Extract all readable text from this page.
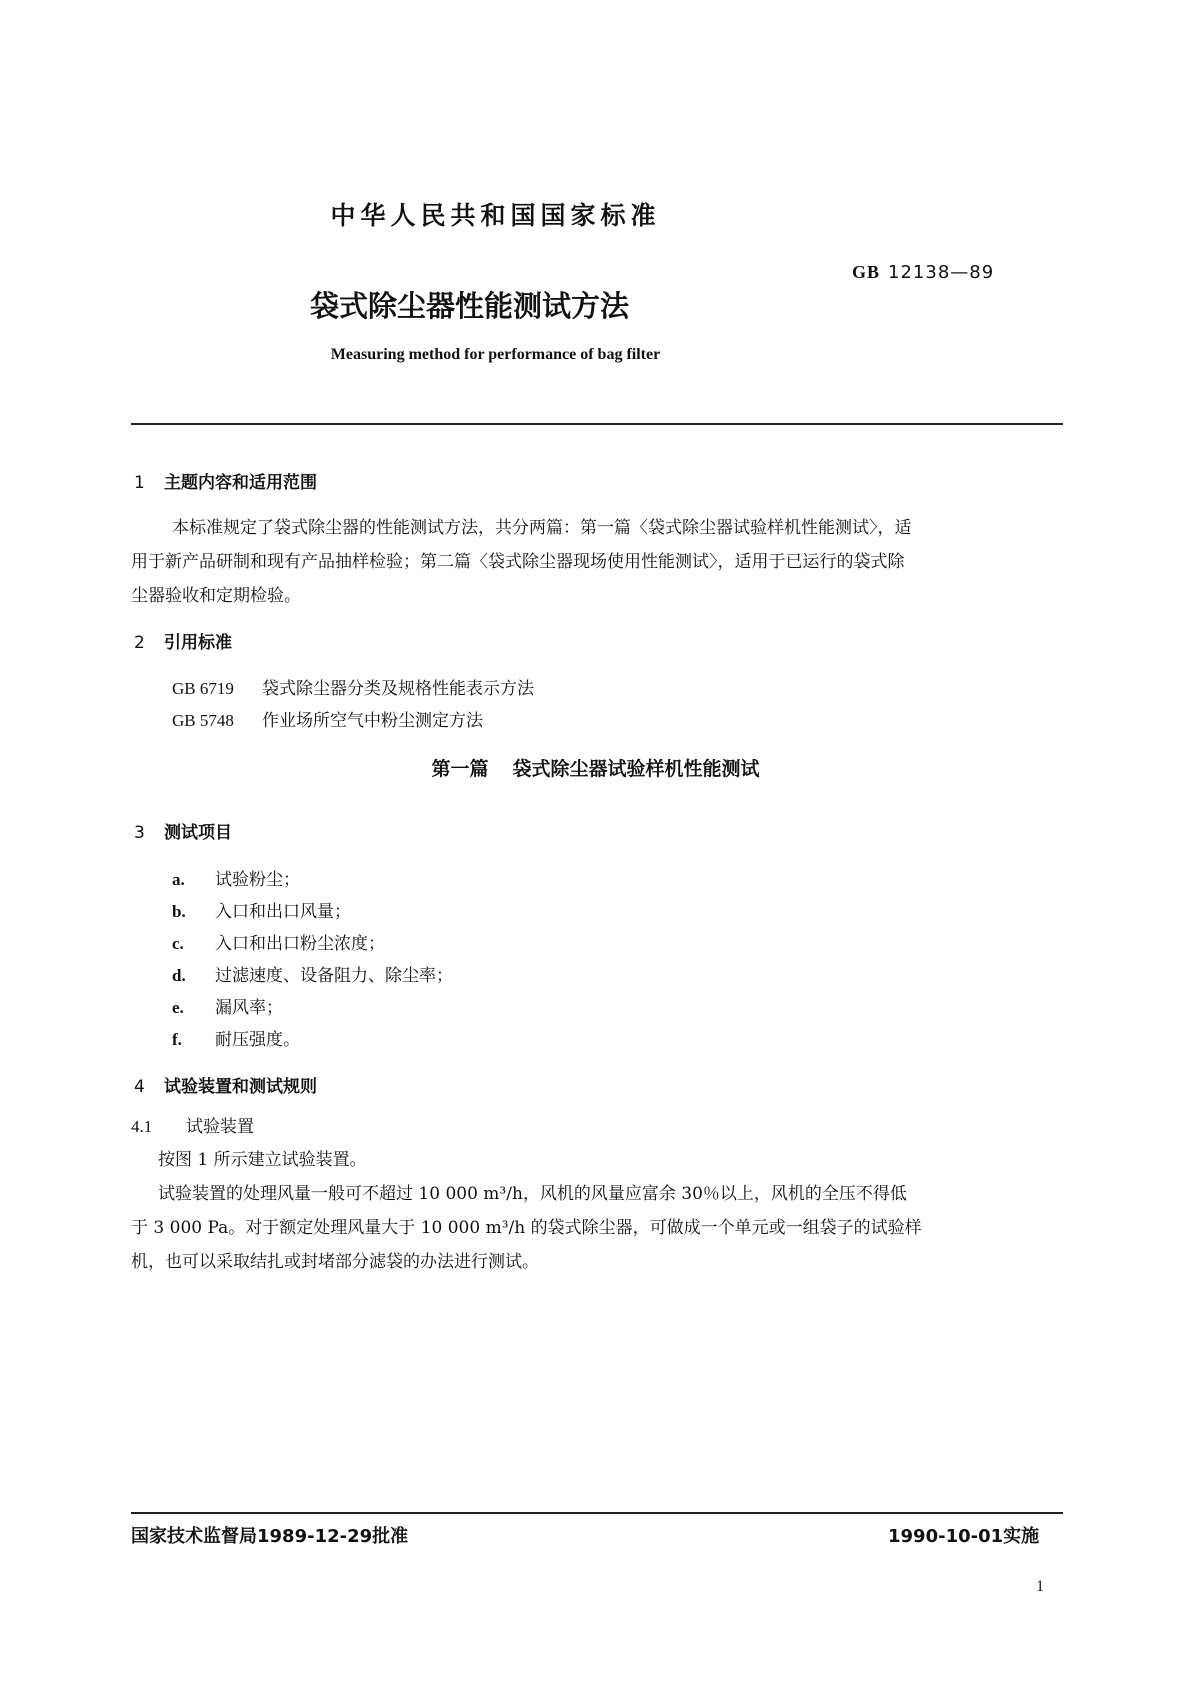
中华人民共和国国家标准
GB 12138—89
袋式除尘器性能测试方法
Measuring method for performance of bag filter
1 主题内容和适用范围
本标准规定了袋式除尘器的性能测试方法，共分两篇：第一篇〈袋式除尘器试验样机性能测试〉，适
用于新产品研制和现有产品抽样检验；第二篇〈袋式除尘器现场使用性能测试〉，适用于已运行的袋式除
尘器验收和定期检验。
2 引用标准
GB 6719 袋式除尘器分类及规格性能表示方法
GB 5748 作业场所空气中粉尘测定方法
第一篇 袋式除尘器试验样机性能测试
3 测试项目
a. 试验粉尘；
b. 入口和出口风量；
c. 入口和出口粉尘浓度；
d. 过滤速度、设备阻力、除尘率；
e. 漏风率；
f. 耐压强度。
4 试验装置和测试规则
4.1 试验装置
按图 1 所示建立试验装置。
试验装置的处理风量一般可不超过 10 000 m³/h，风机的风量应富余 30％以上，风机的全压不得低
于 3 000 Pa。对于额定处理风量大于 10 000 m³/h 的袋式除尘器，可做成一个单元或一组袋子的试验样
机，也可以采取结扎或封堵部分滤袋的办法进行测试。
国家技术监督局1989-12-29批准	1990-10-01实施
1
